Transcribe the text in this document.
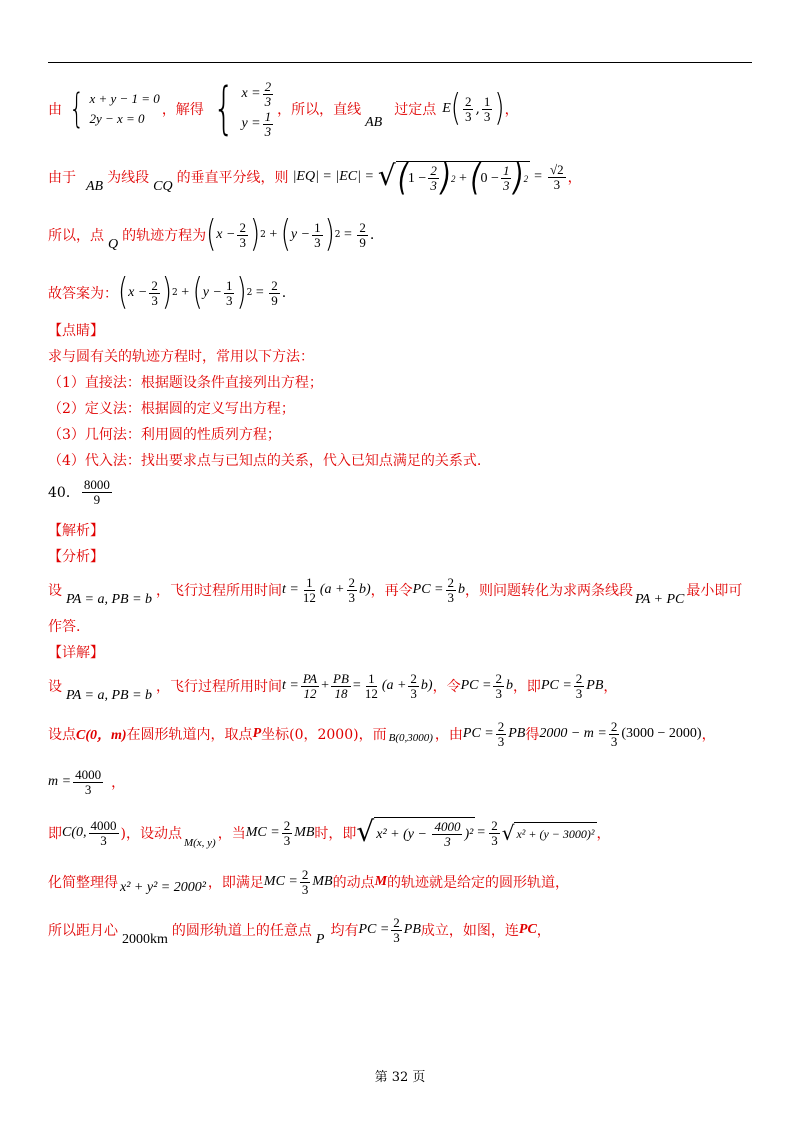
由 { x + y − 1 = 0
2y − x = 0
，解得 { $x = \frac{2}{3}$
$y = \frac{1}{3}$ ，所以，直线
AB
过定点 E ( $\frac{2}{3}$ , $\frac{1}{3}$ ) ，
由于
AB
为线段
CQ
的垂直平分线，则 |EQ| = |EC| = √ ( $1 - \frac{2}{3}$ ) 2 + ( $0 - \frac{1}{3}$ ) $2 = \frac{√2}{3}$ ，
所以，点
Q
的轨迹方程为 ( $x - \frac{2}{3}$ ) 2 + ( $y - \frac{1}{3}$ ) $2 = \frac{2}{9}$ .
故答案为： ( $x - \frac{2}{3}$ ) 2 + ( $y - \frac{1}{3}$ ) $2 = \frac{2}{9}$ .
【点睛】
求与圆有关的轨迹方程时，常用以下方法：
（1）直接法：根据题设条件直接列出方程；
（2）定义法：根据圆的定义写出方程；
（3）几何法：利用圆的性质列方程；
（4）代入法：找出要求点与已知点的关系，代入已知点满足的关系式.
40． $\frac{8000}{9}$
【解析】
【分析】
设
PA = a, PB = b
，飞行过程所用时间 $t = \frac{1}{12} (a + \frac{2}{3} b)$ ，再令 PC = $\frac{2}{3}$ b ，则问题转化为求两条线段
PA + PC
最小即可
作答.
【详解】
设
PA = a, PB = b
，飞行过程所用时间 $t = \frac{PA}{12} + \frac{PB}{18} = \frac{1}{12} (a + \frac{2}{3} b)$ ，令 PC = $\frac{2}{3}$ b ，即 PC = $\frac{2}{3}$ PB ，
设点 C(0，m) 在圆形轨道内，取点 P 坐标(0，2000)，而 B(0,3000) ，由 PC = $\frac{2}{3}$ PB 得 $2000 - m = \frac{2}{3} (3000 - 2000)$ ，
$m = \frac{4000}{3}$ ，
即 C(0, $\frac{4000}{3}$ )，设动点
M(x, y)
，当 MC = $\frac{2}{3}$ MB 时，即 √ $x^2 + (y - \frac{4000}{3} )^2 = \frac{2}{3}$ √ x² + (y − 3000)² ，
化简整理得 x² + y² = 2000² ，即满足 MC = $\frac{2}{3}$ MB 的动点 M 的轨迹就是给定的圆形轨道，
所以距月心
2000km
的圆形轨道上的任意点
P
均有 PC = $\frac{2}{3}$ PB 成立，如图，连 PC ，
第 32 页
